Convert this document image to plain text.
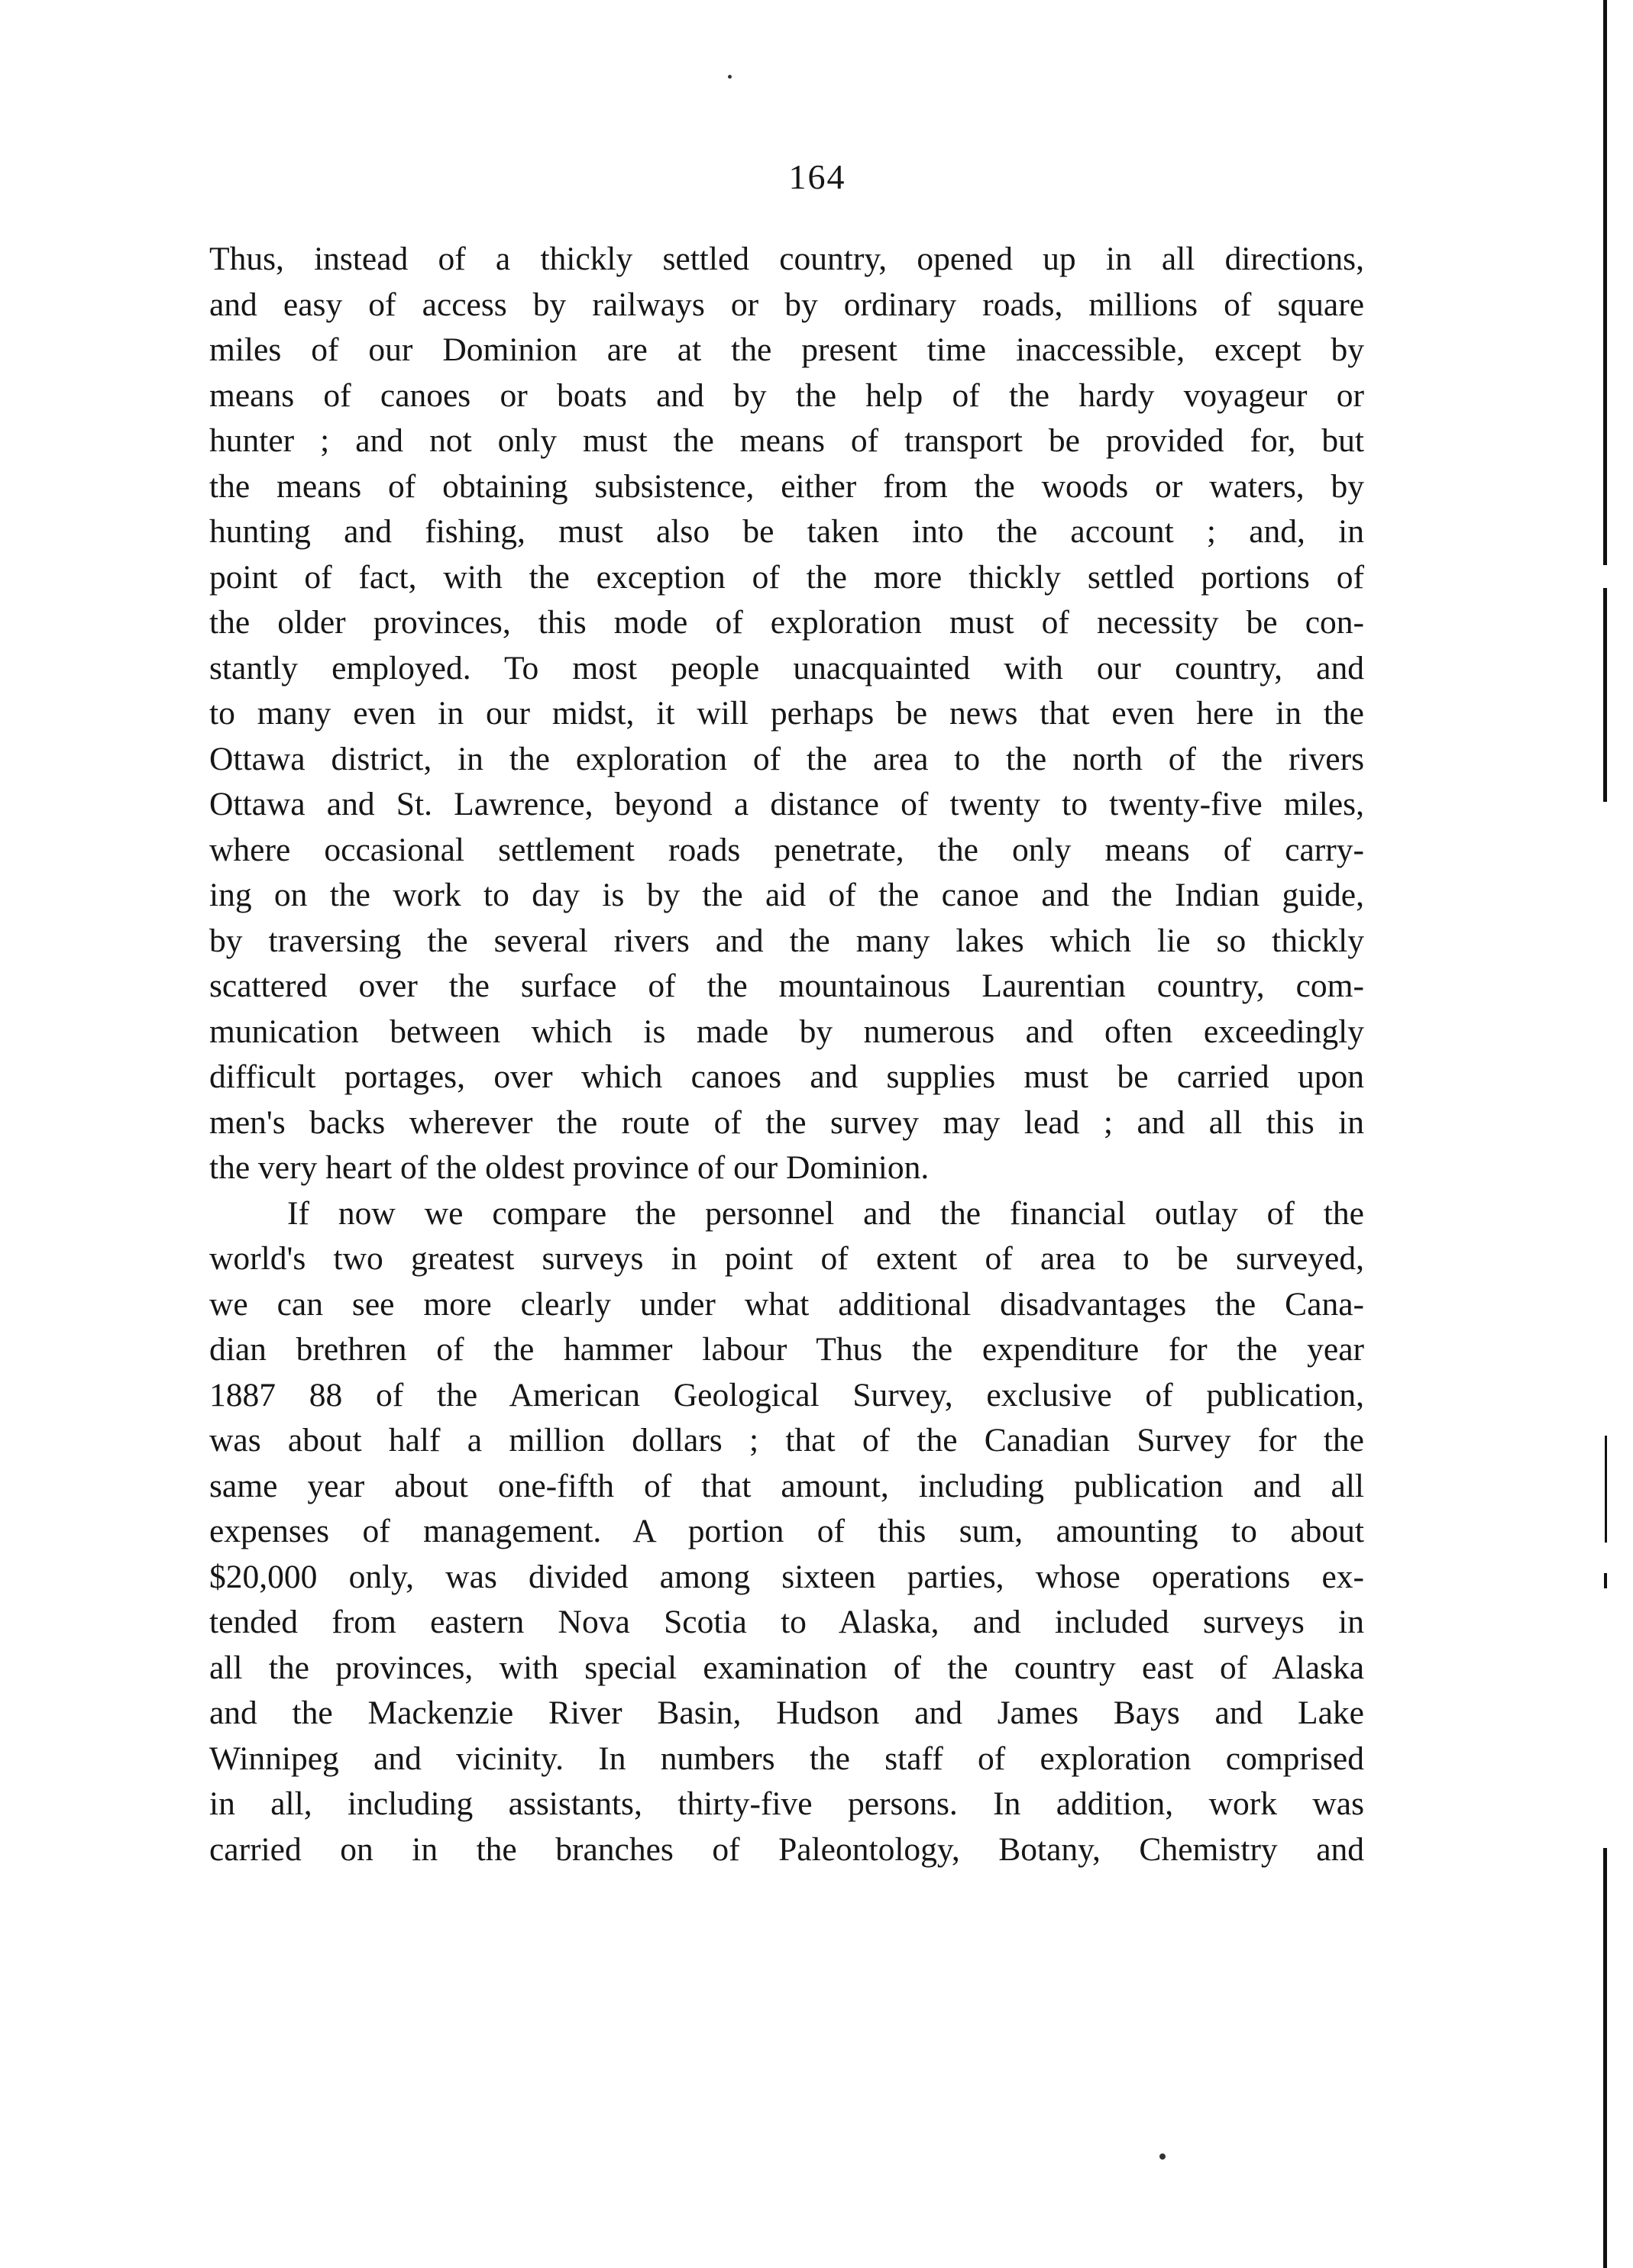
164
Thus, instead of a thickly settled country, opened up in all directions,
and easy of access by railways or by ordinary roads, millions of square
miles of our Dominion are at the present time inaccessible, except by
means of canoes or boats and by the help of the hardy voyageur or
hunter ; and not only must the means of transport be provided for, but
the means of obtaining subsistence, either from the woods or waters, by
hunting and fishing, must also be taken into the account ; and, in
point of fact, with the exception of the more thickly settled portions of
the older provinces, this mode of exploration must of necessity be con-
stantly employed. To most people unacquainted with our country, and
to many even in our midst, it will perhaps be news that even here in the
Ottawa district, in the exploration of the area to the north of the rivers
Ottawa and St. Lawrence, beyond a distance of twenty to twenty-five miles,
where occasional settlement roads penetrate, the only means of carry-
ing on the work to day is by the aid of the canoe and the Indian guide,
by traversing the several rivers and the many lakes which lie so thickly
scattered over the surface of the mountainous Laurentian country, com-
munication between which is made by numerous and often exceedingly
difficult portages, over which canoes and supplies must be carried upon
men's backs wherever the route of the survey may lead ; and all this in
the very heart of the oldest province of our Dominion.
If now we compare the personnel and the financial outlay of the
world's two greatest surveys in point of extent of area to be surveyed,
we can see more clearly under what additional disadvantages the Cana-
dian brethren of the hammer labour Thus the expenditure for the year
1887 88 of the American Geological Survey, exclusive of publication,
was about half a million dollars ; that of the Canadian Survey for the
same year about one-fifth of that amount, including publication and all
expenses of management. A portion of this sum, amounting to about
$20,000 only, was divided among sixteen parties, whose operations ex-
tended from eastern Nova Scotia to Alaska, and included surveys in
all the provinces, with special examination of the country east of Alaska
and the Mackenzie River Basin, Hudson and James Bays and Lake
Winnipeg and vicinity. In numbers the staff of exploration comprised
in all, including assistants, thirty-five persons. In addition, work was
carried on in the branches of Paleontology, Botany, Chemistry and
